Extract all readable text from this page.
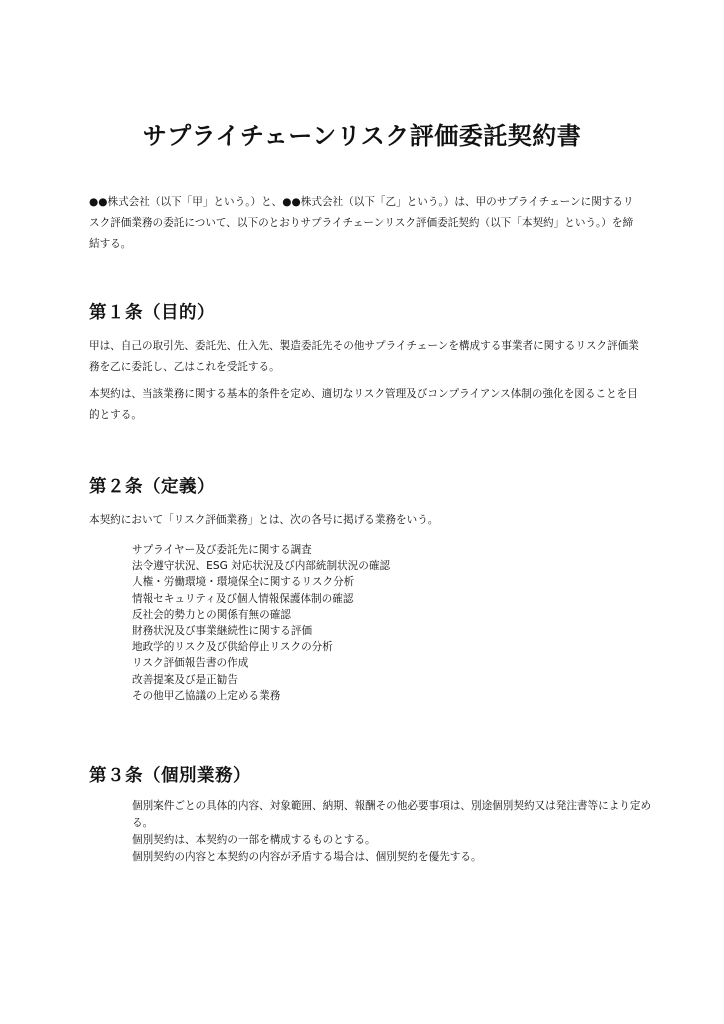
サプライチェーンリスク評価委託契約書

●●株式会社（以下「甲」という。）と、●●株式会社（以下「乙」という。）は、甲のサプライチェーンに関するリスク評価業務の委託について、以下のとおりサプライチェーンリスク評価委託契約（以下「本契約」という。）を締結する。

第１条（目的）

甲は、自己の取引先、委託先、仕入先、製造委託先その他サプライチェーンを構成する事業者に関するリスク評価業務を乙に委託し、乙はこれを受託する。

本契約は、当該業務に関する基本的条件を定め、適切なリスク管理及びコンプライアンス体制の強化を図ることを目的とする。

第２条（定義）

本契約において「リスク評価業務」とは、次の各号に掲げる業務をいう。

サプライヤー及び委託先に関する調査
法令遵守状況、ESG 対応状況及び内部統制状況の確認
人権・労働環境・環境保全に関するリスク分析
情報セキュリティ及び個人情報保護体制の確認
反社会的勢力との関係有無の確認
財務状況及び事業継続性に関する評価
地政学的リスク及び供給停止リスクの分析
リスク評価報告書の作成
改善提案及び是正勧告
その他甲乙協議の上定める業務
第３条（個別業務）
個別案件ごとの具体的内容、対象範囲、納期、報酬その他必要事項は、別途個別契約又は発注書等により定める。
個別契約は、本契約の一部を構成するものとする。
個別契約の内容と本契約の内容が矛盾する場合は、個別契約を優先する。
